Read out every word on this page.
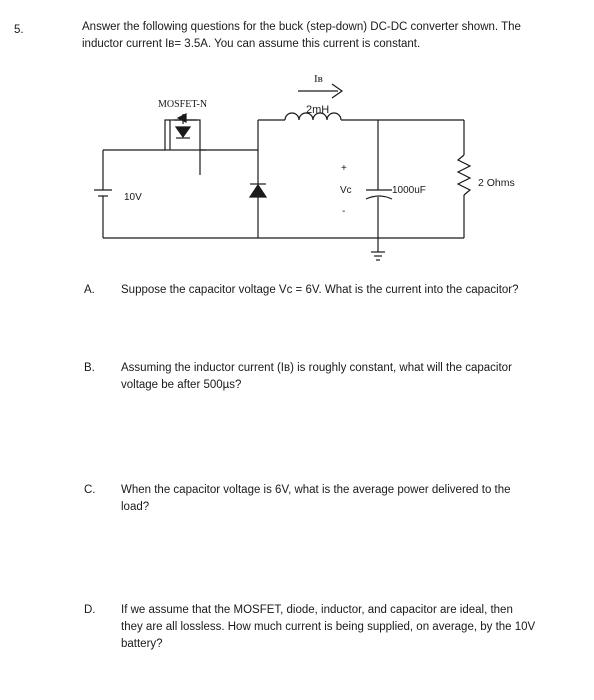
5.	Answer the following questions for the buck (step-down) DC-DC converter shown. The
inductor current Iʙ= 3.5A. You can assume this current is constant.
Iʙ
2mH
MOSFET-N
10V
+
Vc
-
1000uF
2 Ohms
A. Suppose the capacitor voltage Vc = 6V. What is the current into the capacitor?
B. Assuming the inductor current (Iʙ) is roughly constant, what will the capacitor
voltage be after 500µs?
C. When the capacitor voltage is 6V, what is the average power delivered to the
load?
D. If we assume that the MOSFET, diode, inductor, and capacitor are ideal, then
they are all lossless. How much current is being supplied, on average, by the 10V
battery?
